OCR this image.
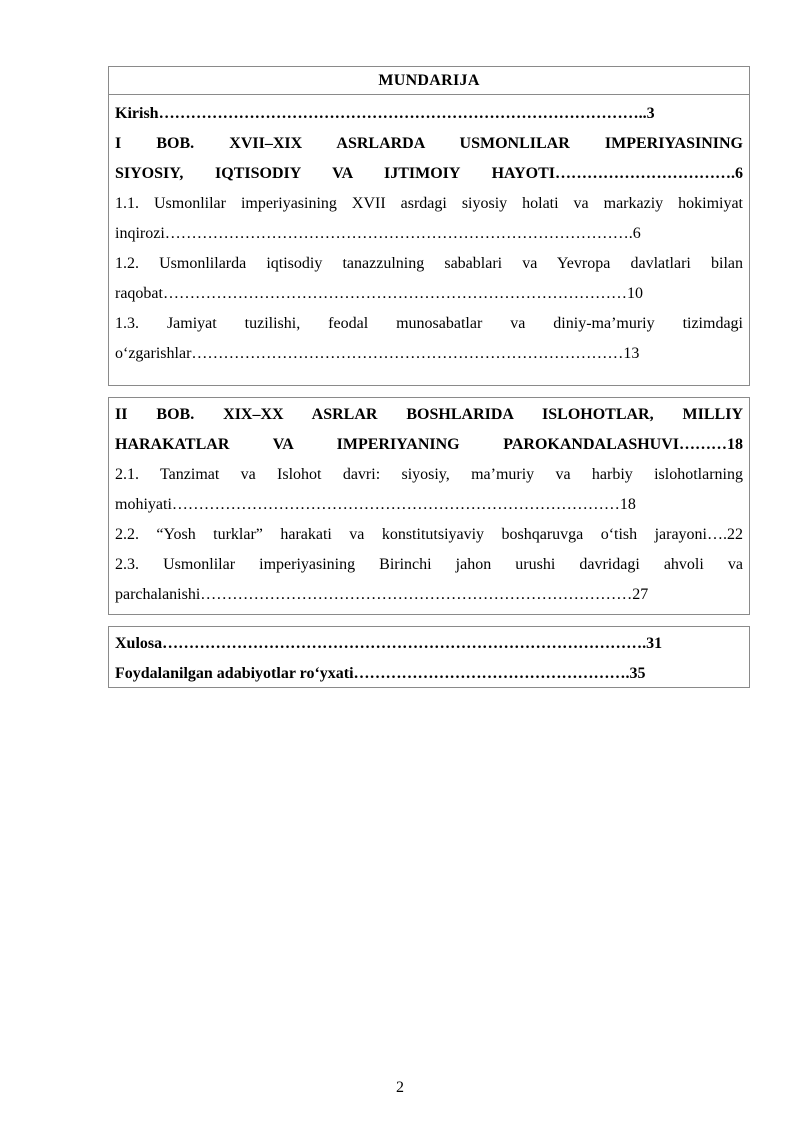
MUNDARIJA
Kirish………………………………………………………………………………..3
I BOB. XVII–XIX ASRLARDA USMONLILAR IMPERIYASINING
SIYOSIY, IQTISODIY VA IJTIMOIY HAYOTI…………………………….6
1.1. Usmonlilar imperiyasining XVII asrdagi siyosiy holati va markaziy hokimiyat
inqirozi…………………………………………………………………………….6
1.2. Usmonlilarda iqtisodiy tanazzulning sabablari va Yevropa davlatlari bilan
raqobat……………………………………………………………………………10
1.3. Jamiyat tuzilishi, feodal munosabatlar va diniy-ma’muriy tizimdagi
o‘zgarishlar………………………………………………………………………13
II BOB. XIX–XX ASRLAR BOSHLARIDA ISLOHOTLAR, MILLIY
HARAKATLAR VA IMPERIYANING PAROKANDALASHUVI………18
2.1. Tanzimat va Islohot davri: siyosiy, ma’muriy va harbiy islohotlarning
mohiyati…………………………………………………………………………18
2.2. “Yosh turklar” harakati va konstitutsiyaviy boshqaruvga o‘tish jarayoni….22
2.3. Usmonlilar imperiyasining Birinchi jahon urushi davridagi ahvoli va
parchalanishi………………………………………………………………………27
Xulosa……………………………………………………………………………….31
Foydalanilgan adabiyotlar ro‘yxati…………………………………………….35
2
